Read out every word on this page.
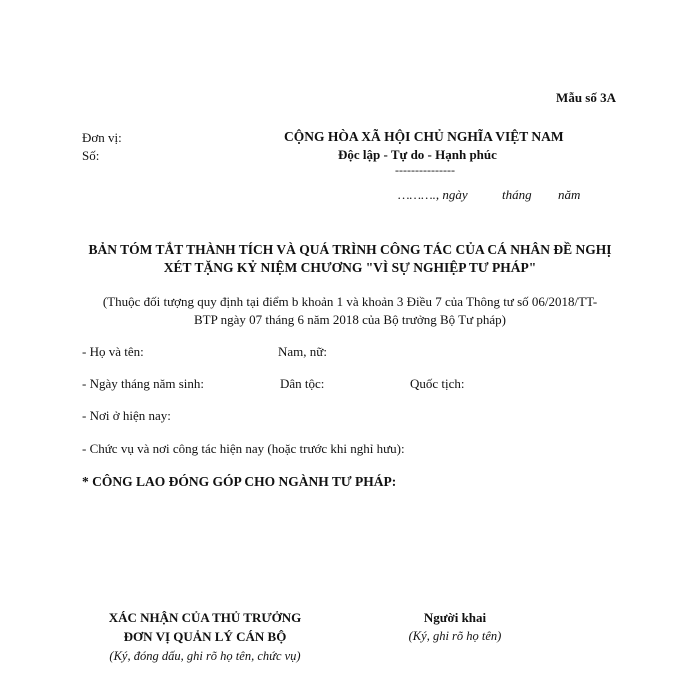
Mẫu số 3A
Đơn vị:
Số:
CỘNG HÒA XÃ HỘI CHỦ NGHĨA VIỆT NAM
Độc lập - Tự do - Hạnh phúc
---------------
………., ngày	tháng năm
BẢN TÓM TẮT THÀNH TÍCH VÀ QUÁ TRÌNH CÔNG TÁC CỦA CÁ NHÂN ĐỀ NGHỊ
XÉT TẶNG KỶ NIỆM CHƯƠNG "VÌ SỰ NGHIỆP TƯ PHÁP"
(Thuộc đối tượng quy định tại điểm b khoản 1 và khoản 3 Điều 7 của Thông tư số 06/2018/TT-
BTP ngày 07 tháng 6 năm 2018 của Bộ trưởng Bộ Tư pháp)
- Họ và tên:	Nam, nữ:
- Ngày tháng năm sinh:	Dân tộc:	Quốc tịch:
- Nơi ở hiện nay:
- Chức vụ và nơi công tác hiện nay (hoặc trước khi nghỉ hưu):
* CÔNG LAO ĐÓNG GÓP CHO NGÀNH TƯ PHÁP:
XÁC NHẬN CỦA THỦ TRƯỞNG
ĐƠN VỊ QUẢN LÝ CÁN BỘ
(Ký, đóng dấu, ghi rõ họ tên, chức vụ)
Người khai
(Ký, ghi rõ họ tên)
